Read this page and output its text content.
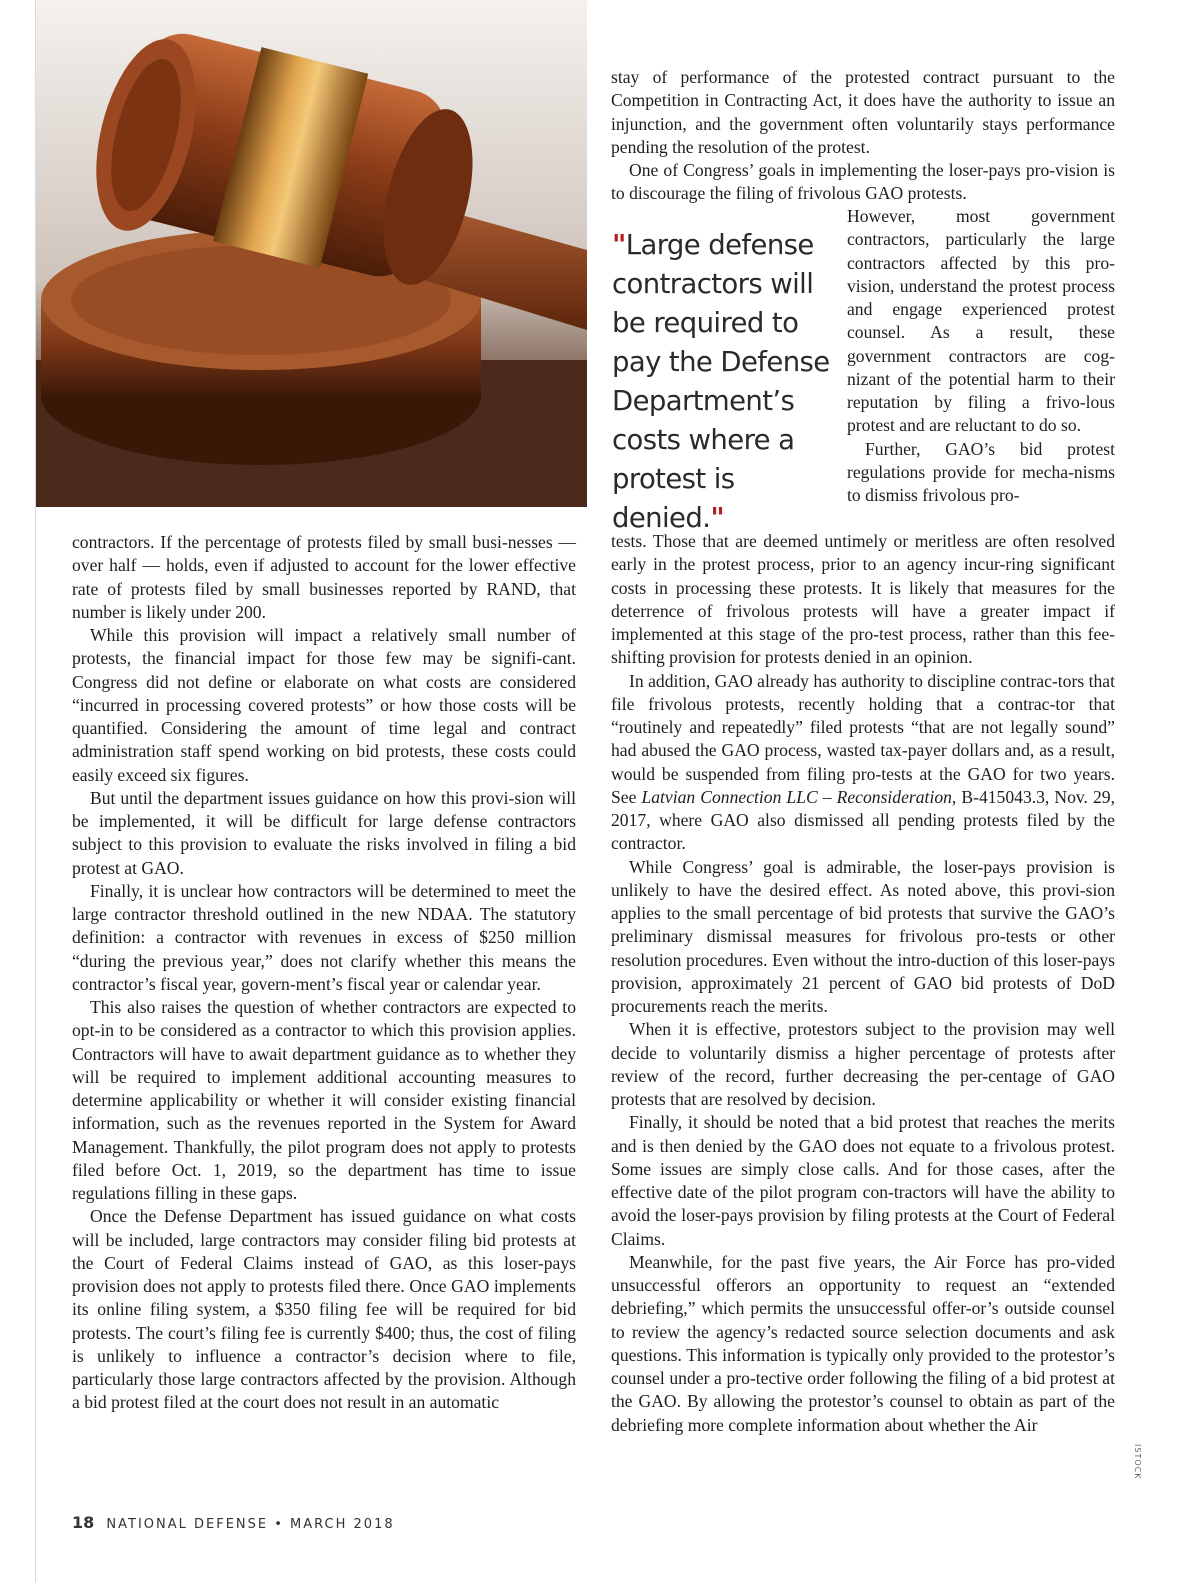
contractors. If the percentage of protests filed by small busi-nesses — over half — holds, even if adjusted to account for the lower effective rate of protests filed by small businesses reported by RAND, that number is likely under 200.

While this provision will impact a relatively small number of protests, the financial impact for those few may be signifi-cant. Congress did not define or elaborate on what costs are considered “incurred in processing covered protests” or how those costs will be quantified. Considering the amount of time legal and contract administration staff spend working on bid protests, these costs could easily exceed six figures.

But until the department issues guidance on how this provi-sion will be implemented, it will be difficult for large defense contractors subject to this provision to evaluate the risks involved in filing a bid protest at GAO.

Finally, it is unclear how contractors will be determined to meet the large contractor threshold outlined in the new NDAA. The statutory definition: a contractor with revenues in excess of $250 million “during the previous year,” does not clarify whether this means the contractor’s fiscal year, govern-ment’s fiscal year or calendar year.

This also raises the question of whether contractors are expected to opt-in to be considered as a contractor to which this provision applies. Contractors will have to await department guidance as to whether they will be required to implement additional accounting measures to determine applicability or whether it will consider existing financial information, such as the revenues reported in the System for Award Management. Thankfully, the pilot program does not apply to protests filed before Oct. 1, 2019, so the department has time to issue regulations filling in these gaps.

Once the Defense Department has issued guidance on what costs will be included, large contractors may consider filing bid protests at the Court of Federal Claims instead of GAO, as this loser-pays provision does not apply to protests filed there. Once GAO implements its online filing system, a $350 filing fee will be required for bid protests. The court’s filing fee is currently $400; thus, the cost of filing is unlikely to influence a contractor’s decision where to file, particularly those large contractors affected by the provision. Although a bid protest filed at the court does not result in an automatic

stay of performance of the protested contract pursuant to the Competition in Contracting Act, it does have the authority to issue an injunction, and the government often voluntarily stays performance pending the resolution of the protest.

One of Congress’ goals in implementing the loser-pays pro-vision is to discourage the filing of frivolous GAO protests.

"Large defense contractors will be required to pay the Defense Department’s costs where a protest is denied."

However, most government contractors, particularly the large contractors affected by this pro-vision, understand the protest process and engage experienced protest counsel. As a result, these government contractors are cog-nizant of the potential harm to their reputation by filing a frivo-lous protest and are reluctant to do so.

Further, GAO’s bid protest regulations provide for mecha-nisms to dismiss frivolous pro-

tests. Those that are deemed untimely or meritless are often resolved early in the protest process, prior to an agency incur-ring significant costs in processing these protests. It is likely that measures for the deterrence of frivolous protests will have a greater impact if implemented at this stage of the pro-test process, rather than this fee-shifting provision for protests denied in an opinion.

In addition, GAO already has authority to discipline contrac-tors that file frivolous protests, recently holding that a contrac-tor that “routinely and repeatedly” filed protests “that are not legally sound” had abused the GAO process, wasted tax-payer dollars and, as a result, would be suspended from filing pro-tests at the GAO for two years. See Latvian Connection LLC – Reconsideration, B-415043.3, Nov. 29, 2017, where GAO also dismissed all pending protests filed by the contractor.

While Congress’ goal is admirable, the loser-pays provision is unlikely to have the desired effect. As noted above, this provi-sion applies to the small percentage of bid protests that survive the GAO’s preliminary dismissal measures for frivolous pro-tests or other resolution procedures. Even without the intro-duction of this loser-pays provision, approximately 21 percent of GAO bid protests of DoD procurements reach the merits.

When it is effective, protestors subject to the provision may well decide to voluntarily dismiss a higher percentage of protests after review of the record, further decreasing the per-centage of GAO protests that are resolved by decision.

Finally, it should be noted that a bid protest that reaches the merits and is then denied by the GAO does not equate to a frivolous protest. Some issues are simply close calls. And for those cases, after the effective date of the pilot program con-tractors will have the ability to avoid the loser-pays provision by filing protests at the Court of Federal Claims.

Meanwhile, for the past five years, the Air Force has pro-vided unsuccessful offerors an opportunity to request an “extended debriefing,” which permits the unsuccessful offer-or’s outside counsel to review the agency’s redacted source selection documents and ask questions. This information is typically only provided to the protestor’s counsel under a pro-tective order following the filing of a bid protest at the GAO. By allowing the protestor’s counsel to obtain as part of the debriefing more complete information about whether the Air

ISTOCK
18 NATIONAL DEFENSE • MARCH 2018
